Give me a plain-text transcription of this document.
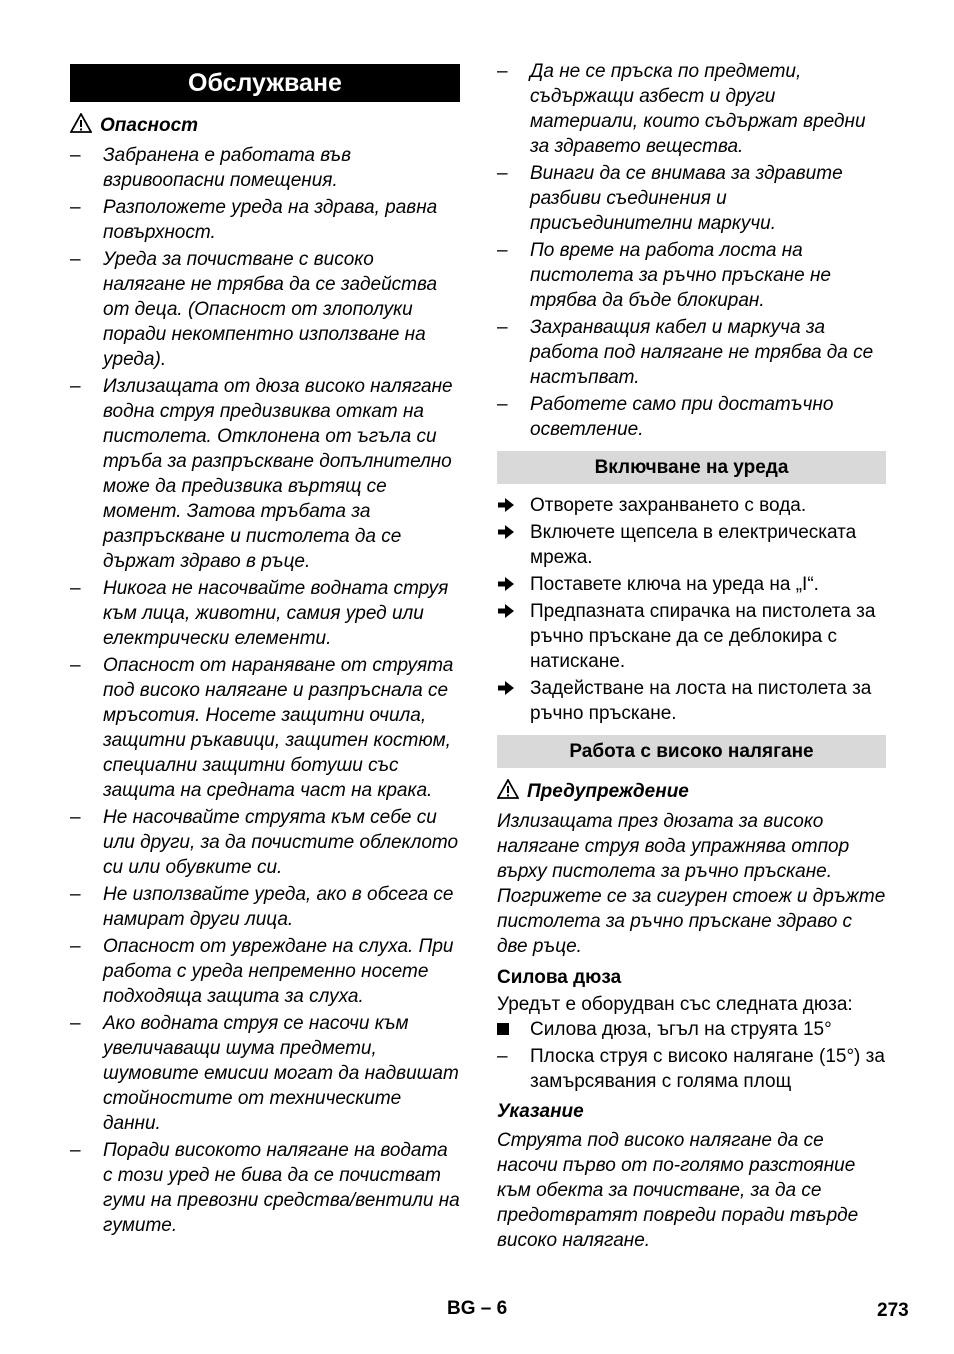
Обслужване
Опасност
–	Забранена е работата във взривоопасни помещения.
–	Разположете уреда на здрава, равна повърхност.
–	Уреда за почистване с високо налягане не трябва да се задейства от деца. (Опасност от злополуки поради некомпентно използване на уреда).
–	Излизащата от дюза високо налягане водна струя предизвиква откат на пистолета. Отклонена от ъгъла си тръба за разпръскване допълнително може да предизвика въртящ се момент. Затова тръбата за разпръскване и пистолета да се държат здраво в ръце.
–	Никога не насочвайте водната струя към лица, животни, самия уред или електрически елементи.
–	Опасност от нараняване от струята под високо налягане и разпръснала се мръсотия. Носете защитни очила, защитни ръкавици, защитен костюм, специални защитни ботуши със защита на средната част на крака.
–	Не насочвайте струята към себе си или други, за да почистите облеклото си или обувките си.
–	Не използвайте уреда, ако в обсега се намират други лица.
–	Опасност от увреждане на слуха. При работа с уреда непременно носете подходяща защита за слуха.
–	Ако водната струя се насочи към увеличаващи шума предмети, шумовите емисии могат да надвишат стойностите от техническите данни.
–	Поради високото налягане на водата с този уред не бива да се почистват гуми на превозни средства/вентили на гумите.
–	Да не се пръска по предмети, съдържащи азбест и други материали, които съдържат вредни за здравето вещества.
–	Винаги да се внимава за здравите разбиви съединения и присъединителни маркучи.
–	По време на работа лоста на пистолета за ръчно пръскане не трябва да бъде блокиран.
–	Захранващия кабел и маркуча за работа под налягане не трябва да се настъпват.
–	Работете само при достатъчно осветление.
Включване на уреда
Отворете захранването с вода.
Включете щепсела в електрическата мрежа.
Поставете ключа на уреда на „I“.
Предпазната спирачка на пистолета за ръчно пръскане да се деблокира с натискане.
Задействане на лоста на пистолета за ръчно пръскане.
Работа с високо налягане
Предупреждение

Излизащата през дюзата за високо налягане струя вода упражнява отпор върху пистолета за ръчно пръскане. Погрижете се за сигурен стоеж и дръжте пистолета за ръчно пръскане здраво с две ръце.

Силова дюза

Уредът е оборудван със следната дюза:

Силова дюза, ъгъл на струята 15°
–	Плоска струя с високо налягане (15°) за замърсявания с голяма площ
Указание

Струята под високо налягане да се насочи първо от по-голямо разстояние към обекта за почистване, за да се предотвратят повреди поради твърде високо налягане.

BG – 6	273
